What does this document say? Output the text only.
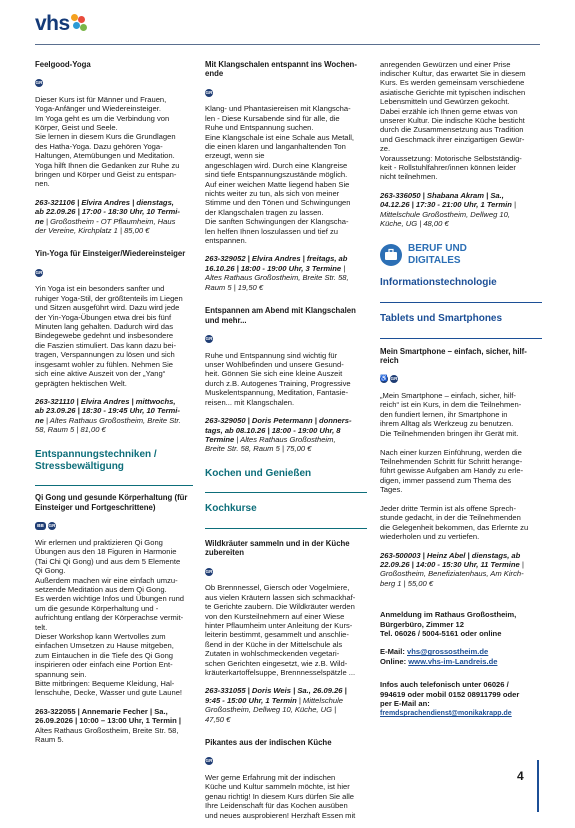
vhs

Feelgood-Yoga

GR

Dieser Kurs ist für Männer und Frauen,
Yoga-Anfänger und Wiedereinsteiger.
Im Yoga geht es um die Verbindung von
Körper, Geist und Seele.
Sie lernen in diesem Kurs die Grundlagen
des Hatha-Yoga. Dazu gehören Yoga-
Haltungen, Atemübungen und Meditation.
Yoga hilft Ihnen die Gedanken zur Ruhe zu
bringen und Körper und Geist zu entspan-
nen.

263-321106 | Elvira Andres | dienstags,
ab 22.09.26 | 17:00 - 18:30 Uhr, 10 Termi-
ne | Großostheim - OT Pflaumheim, Haus
der Vereine, Kirchplatz 1 | 85,00 €

Yin-Yoga für Einsteiger/Wiedereinsteiger

GR

Yin Yoga ist ein besonders sanfter und
ruhiger Yoga-Stil, der größtenteils im Liegen
und Sitzen ausgeführt wird. Dazu wird jede
der Yin-Yoga-Übungen etwa drei bis fünf
Minuten lang gehalten. Dadurch wird das
Bindegewebe gedehnt und insbesondere
die Faszien stimuliert. Das kann dazu bei-
tragen, Verspannungen zu lösen und sich
insgesamt wohler zu fühlen. Nehmen Sie
sich eine aktive Auszeit von der „Yang“
geprägten hektischen Welt.

263-321110 | Elvira Andres | mittwochs,
ab 23.09.26 | 18:30 - 19:45 Uhr, 10 Termi-
ne | Altes Rathaus Großostheim, Breite Str.
58, Raum 5 | 81,00 €

Entspannungstechniken /
Stressbewältigung

Qi Gong und gesunde Körperhaltung (für
Einsteiger und Fortgeschrittene)

BB	GR

Wir erlernen und praktizieren Qi Gong
Übungen aus den 18 Figuren in Harmonie
(Tai Chi Qi Gong) und aus dem 5 Elemente
Qi Gong.
Außerdem machen wir eine einfach umzu-
setzende Meditation aus dem Qi Gong.
Es werden wichtige Infos und Übungen rund
um die gesunde Körperhaltung und -
aufrichtung entlang der Körperachse vermit-
telt.
Dieser Workshop kann Wertvolles zum
einfachen Umsetzen zu Hause mitgeben,
zum Eintauchen in die Tiefe des Qi Gong
inspirieren oder einfach eine Portion Ent-
spannung sein.
Bitte mitbringen: Bequeme Kleidung, Hal-
lenschuhe, Decke, Wasser und gute Laune!

263-322055 | Annemarie Fecher | Sa.,
26.09.2026 | 10:00 – 13:00 Uhr, 1 Termin |
Altes Rathaus Großostheim, Breite Str. 58,
Raum 5.

Mit Klangschalen entspannt ins Wochen-
ende

GR

Klang- und Phantasiereisen mit Klangscha-
len - Diese Kursabende sind für alle, die
Ruhe und Entspannung suchen.
Eine Klangschale ist eine Schale aus Metall,
die einen klaren und langanhaltenden Ton
erzeugt, wenn sie
angeschlagen wird. Durch eine Klangreise
sind tiefe Entspannungszustände möglich.
Auf einer weichen Matte liegend haben Sie
nichts weiter zu tun, als sich von meiner
Stimme und den Tönen und Schwingungen
der Klangschalen tragen zu lassen.
Die sanften Schwingungen der Klangscha-
len helfen Ihnen loszulassen und tief zu
entspannen.

263-329052 | Elvira Andres | freitags, ab
16.10.26 | 18:00 - 19:00 Uhr, 3 Termine |
Altes Rathaus Großostheim, Breite Str. 58,
Raum 5 | 19,50 €

Entspannen am Abend mit Klangschalen
und mehr...

GR

Ruhe und Entspannung sind wichtig für
unser Wohlbefinden und unsere Gesund-
heit. Gönnen Sie sich eine kleine Auszeit
durch z.B. Autogenes Training, Progressive
Muskelentspannung, Meditation, Fantasie-
reisen... mit Klangschalen.

263-329050 | Doris Petermann | donners-
tags, ab 08.10.26 | 18:00 - 19:00 Uhr, 8
Termine | Altes Rathaus Großostheim,
Breite Str. 58, Raum 5 | 75,00 €

Kochen und Genießen

Kochkurse

Wildkräuter sammeln und in der Küche
zubereiten

GR

Ob Brennnessel, Giersch oder Vogelmiere,
aus vielen Kräutern lassen sich schmackhaf-
te Gerichte zaubern. Die Wildkräuter werden
von den Kursteilnehmern auf einer Wiese
hinter Pflaumheim unter Anleitung der Kurs-
leiterin bestimmt, gesammelt und anschlie-
ßend in der Küche in der Mittelschule als
Zutaten in wohlschmeckenden vegetari-
schen Gerichten eingesetzt, wie z.B. Wild-
kräuterkartoffelsuppe, Brennnesselspätzle ...

263-331055 | Doris Weis | Sa., 26.09.26 |
9:45 - 15:00 Uhr, 1 Termin | Mittelschule
Großostheim, Dellweg 10, Küche, UG |
47,50 €

Pikantes aus der indischen Küche

GR

Wer gerne Erfahrung mit der indischen
Küche und Kultur sammeln möchte, ist hier
genau richtig! In diesem Kurs dürfen Sie alle
Ihre Leidenschaft für das Kochen ausüben
und neues ausprobieren! Herzhaft Essen mit

anregenden Gewürzen und einer Prise
indischer Kultur, das erwartet Sie in diesem
Kurs. Es werden gemeinsam verschiedene
asiatische Gerichte mit typischen indischen
Lebensmitteln und Gewürzen gekocht.
Dabei erzähle ich Ihnen gerne etwas von
unserer Kultur. Die indische Küche besticht
durch die Zusammensetzung aus Tradition
und Geschmack ihrer einzigartigen Gewür-
ze.
Voraussetzung: Motorische Selbstständig-
keit - Rollstuhlfahrer/innen können leider
nicht teilnehmen.

263-336050 | Shabana Akram | Sa.,
04.12.26 | 17:30 - 21:00 Uhr, 1 Termin |
Mittelschule Großostheim, Dellweg 10,
Küche, UG | 48,00 €

BERUF UND
DIGITALES

Informationstechnologie

Tablets und Smartphones

Mein Smartphone – einfach, sicher, hilf-
reich

♿ GR

„Mein Smartphone – einfach, sicher, hilf-
reich“ ist ein Kurs, in dem die Teilnehmen-
den fundiert lernen, ihr Smartphone in
ihrem Alltag als Werkzeug zu benutzen.
Die Teilnehmenden bringen ihr Gerät mit.

Nach einer kurzen Einführung, werden die
Teilnehmenden Schritt für Schritt herange-
führt gewisse Aufgaben am Handy zu erle-
digen, immer passend zum Thema des
Tages.

Jeder dritte Termin ist als offene Sprech-
stunde gedacht, in der die Teilnehmenden
die Gelegenheit bekommen, das Erlernte zu
wiederholen und zu vertiefen.

263-500003 | Heinz Abel | dienstags, ab
22.09.26 | 14:00 - 15:30 Uhr, 11 Termine |
Großostheim, Benefiziatenhaus, Am Kirch-
berg 1 | 55,00 €

Anmeldung im Rathaus Großostheim,
Bürgerbüro, Zimmer 12
Tel. 06026 / 5004-5161 oder online

E-Mail: vhs@grossostheim.de

Online: www.vhs-im-Landreis.de

Infos auch telefonisch unter 06026 /
994619 oder mobil 0152 08911799 oder
per E-Mail an:

fremdsprachendienst@monikakrapp.de

4
